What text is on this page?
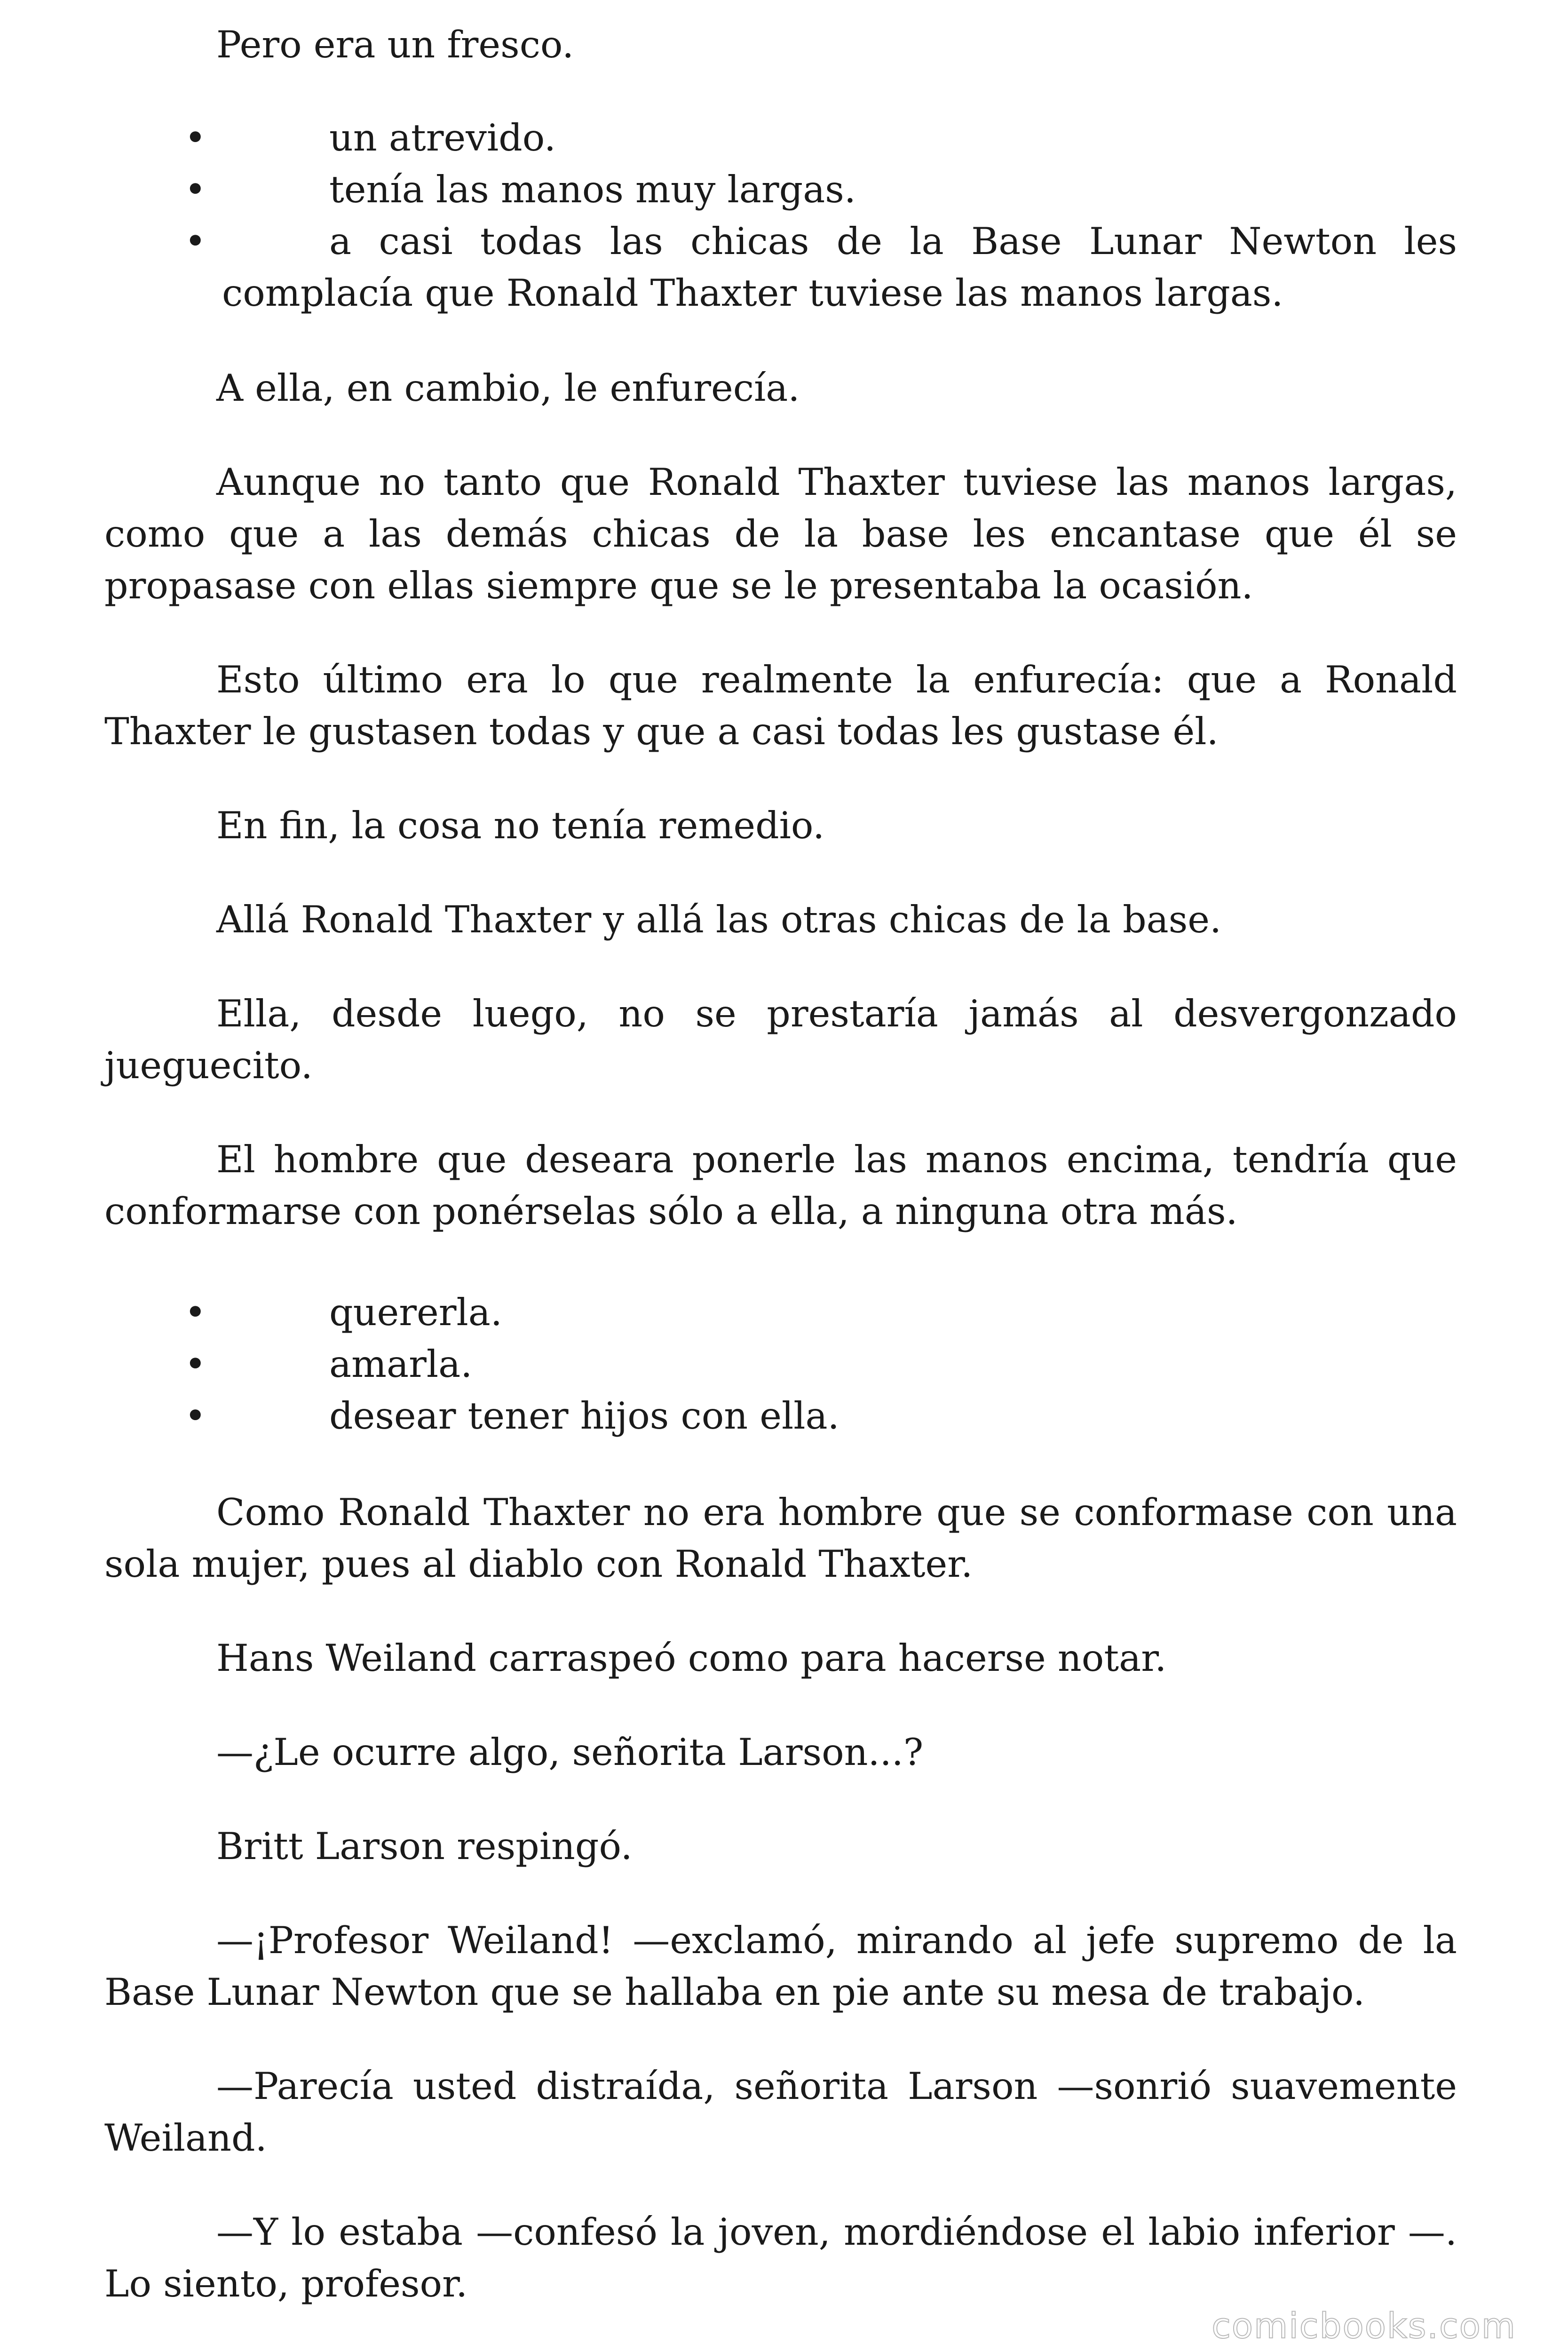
Pero era un fresco.

•	un atrevido.
•	tenía las manos muy largas.
•	a casi todas las chicas de la Base Lunar Newton les
complacía que Ronald Thaxter tuviese las manos largas.

A ella, en cambio, le enfurecía.

Aunque no tanto que Ronald Thaxter tuviese las manos largas, como que a las demás chicas de la base les encantase que él se propasase con ellas siempre que se le presentaba la ocasión.

Esto último era lo que realmente la enfurecía: que a Ronald Thaxter le gustasen todas y que a casi todas les gustase él.

En fin, la cosa no tenía remedio.

Allá Ronald Thaxter y allá las otras chicas de la base.

Ella, desde luego, no se prestaría jamás al desvergonzado jueguecito.

El hombre que deseara ponerle las manos encima, tendría que conformarse con ponérselas sólo a ella, a ninguna otra más.

•	quererla.
•	amarla.
•	desear tener hijos con ella.

Como Ronald Thaxter no era hombre que se conformase con una sola mujer, pues al diablo con Ronald Thaxter.

Hans Weiland carraspeó como para hacerse notar.

—¿Le ocurre algo, señorita Larson...?

Britt Larson respingó.

—¡Profesor Weiland! —exclamó, mirando al jefe supremo de la Base Lunar Newton que se hallaba en pie ante su mesa de trabajo.

—Parecía usted distraída, señorita Larson —sonrió suavemente Weiland.

—Y lo estaba —confesó la joven, mordiéndose el labio inferior —. Lo siento, profesor.

comicbooks.com
